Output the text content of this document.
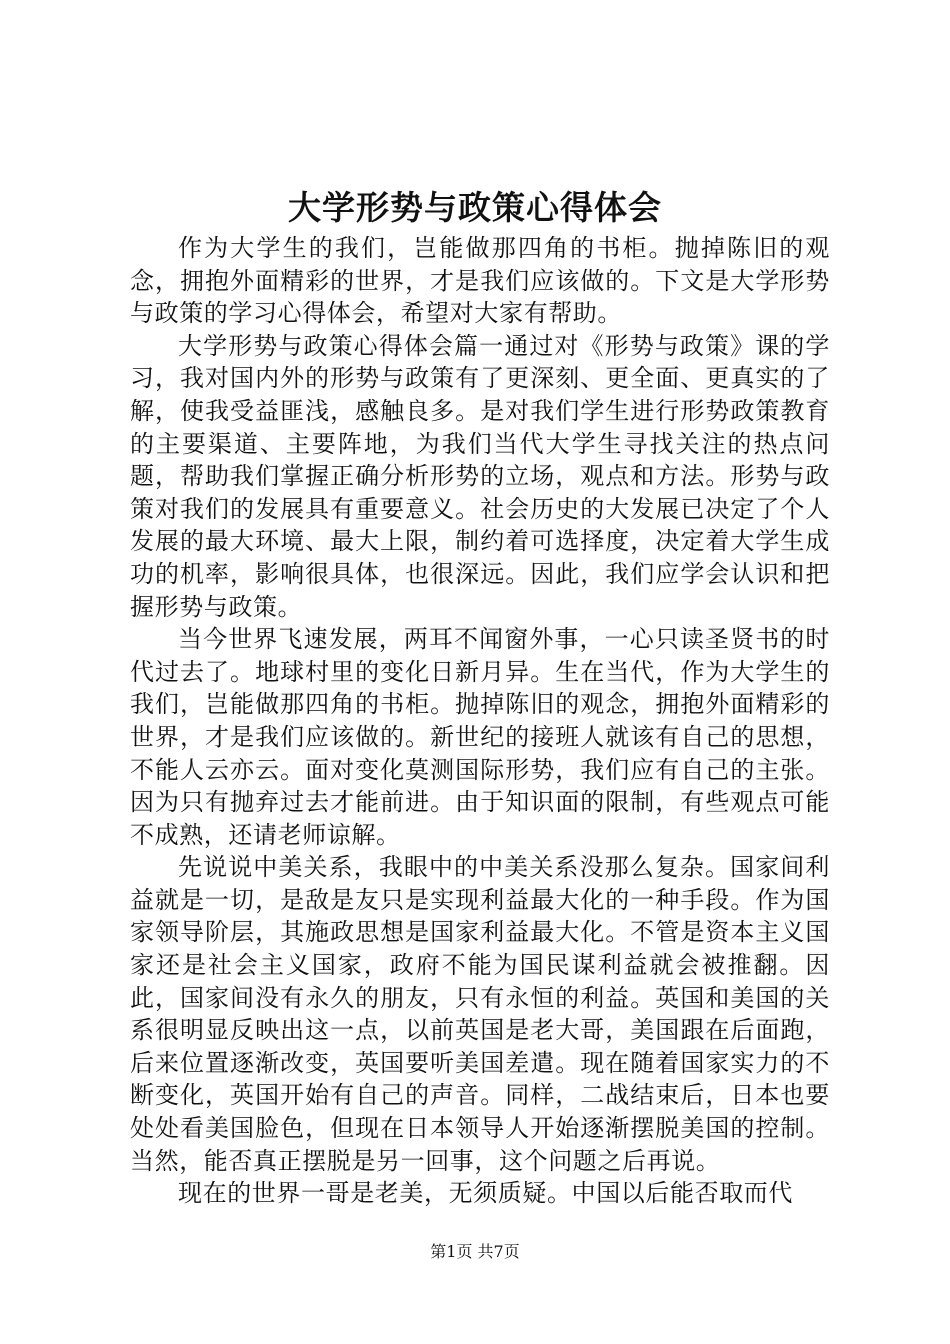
大学形势与政策心得体会

作为大学生的我们，岂能做那四角的书柜。抛掉陈旧的观念，拥抱外面精彩的世界，才是我们应该做的。下文是大学形势与政策的学习心得体会，希望对大家有帮助。

大学形势与政策心得体会篇一通过对《形势与政策》课的学习，我对国内外的形势与政策有了更深刻、更全面、更真实的了解，使我受益匪浅，感触良多。是对我们学生进行形势政策教育的主要渠道、主要阵地，为我们当代大学生寻找关注的热点问题，帮助我们掌握正确分析形势的立场，观点和方法。形势与政策对我们的发展具有重要意义。社会历史的大发展已决定了个人发展的最大环境、最大上限，制约着可选择度，决定着大学生成功的机率，影响很具体，也很深远。因此，我们应学会认识和把握形势与政策。

当今世界飞速发展，两耳不闻窗外事，一心只读圣贤书的时代过去了。地球村里的变化日新月异。生在当代，作为大学生的我们，岂能做那四角的书柜。抛掉陈旧的观念，拥抱外面精彩的世界，才是我们应该做的。新世纪的接班人就该有自己的思想，不能人云亦云。面对变化莫测国际形势，我们应有自己的主张。因为只有抛弃过去才能前进。由于知识面的限制，有些观点可能不成熟，还请老师谅解。

先说说中美关系，我眼中的中美关系没那么复杂。国家间利益就是一切，是敌是友只是实现利益最大化的一种手段。作为国家领导阶层，其施政思想是国家利益最大化。不管是资本主义国家还是社会主义国家，政府不能为国民谋利益就会被推翻。因此，国家间没有永久的朋友，只有永恒的利益。英国和美国的关系很明显反映出这一点，以前英国是老大哥，美国跟在后面跑，后来位置逐渐改变，英国要听美国差遣。现在随着国家实力的不断变化，英国开始有自己的声音。同样，二战结束后，日本也要处处看美国脸色，但现在日本领导人开始逐渐摆脱美国的控制。当然，能否真正摆脱是另一回事，这个问题之后再说。

现在的世界一哥是老美，无须质疑。中国以后能否取而代

第1页 共7页
